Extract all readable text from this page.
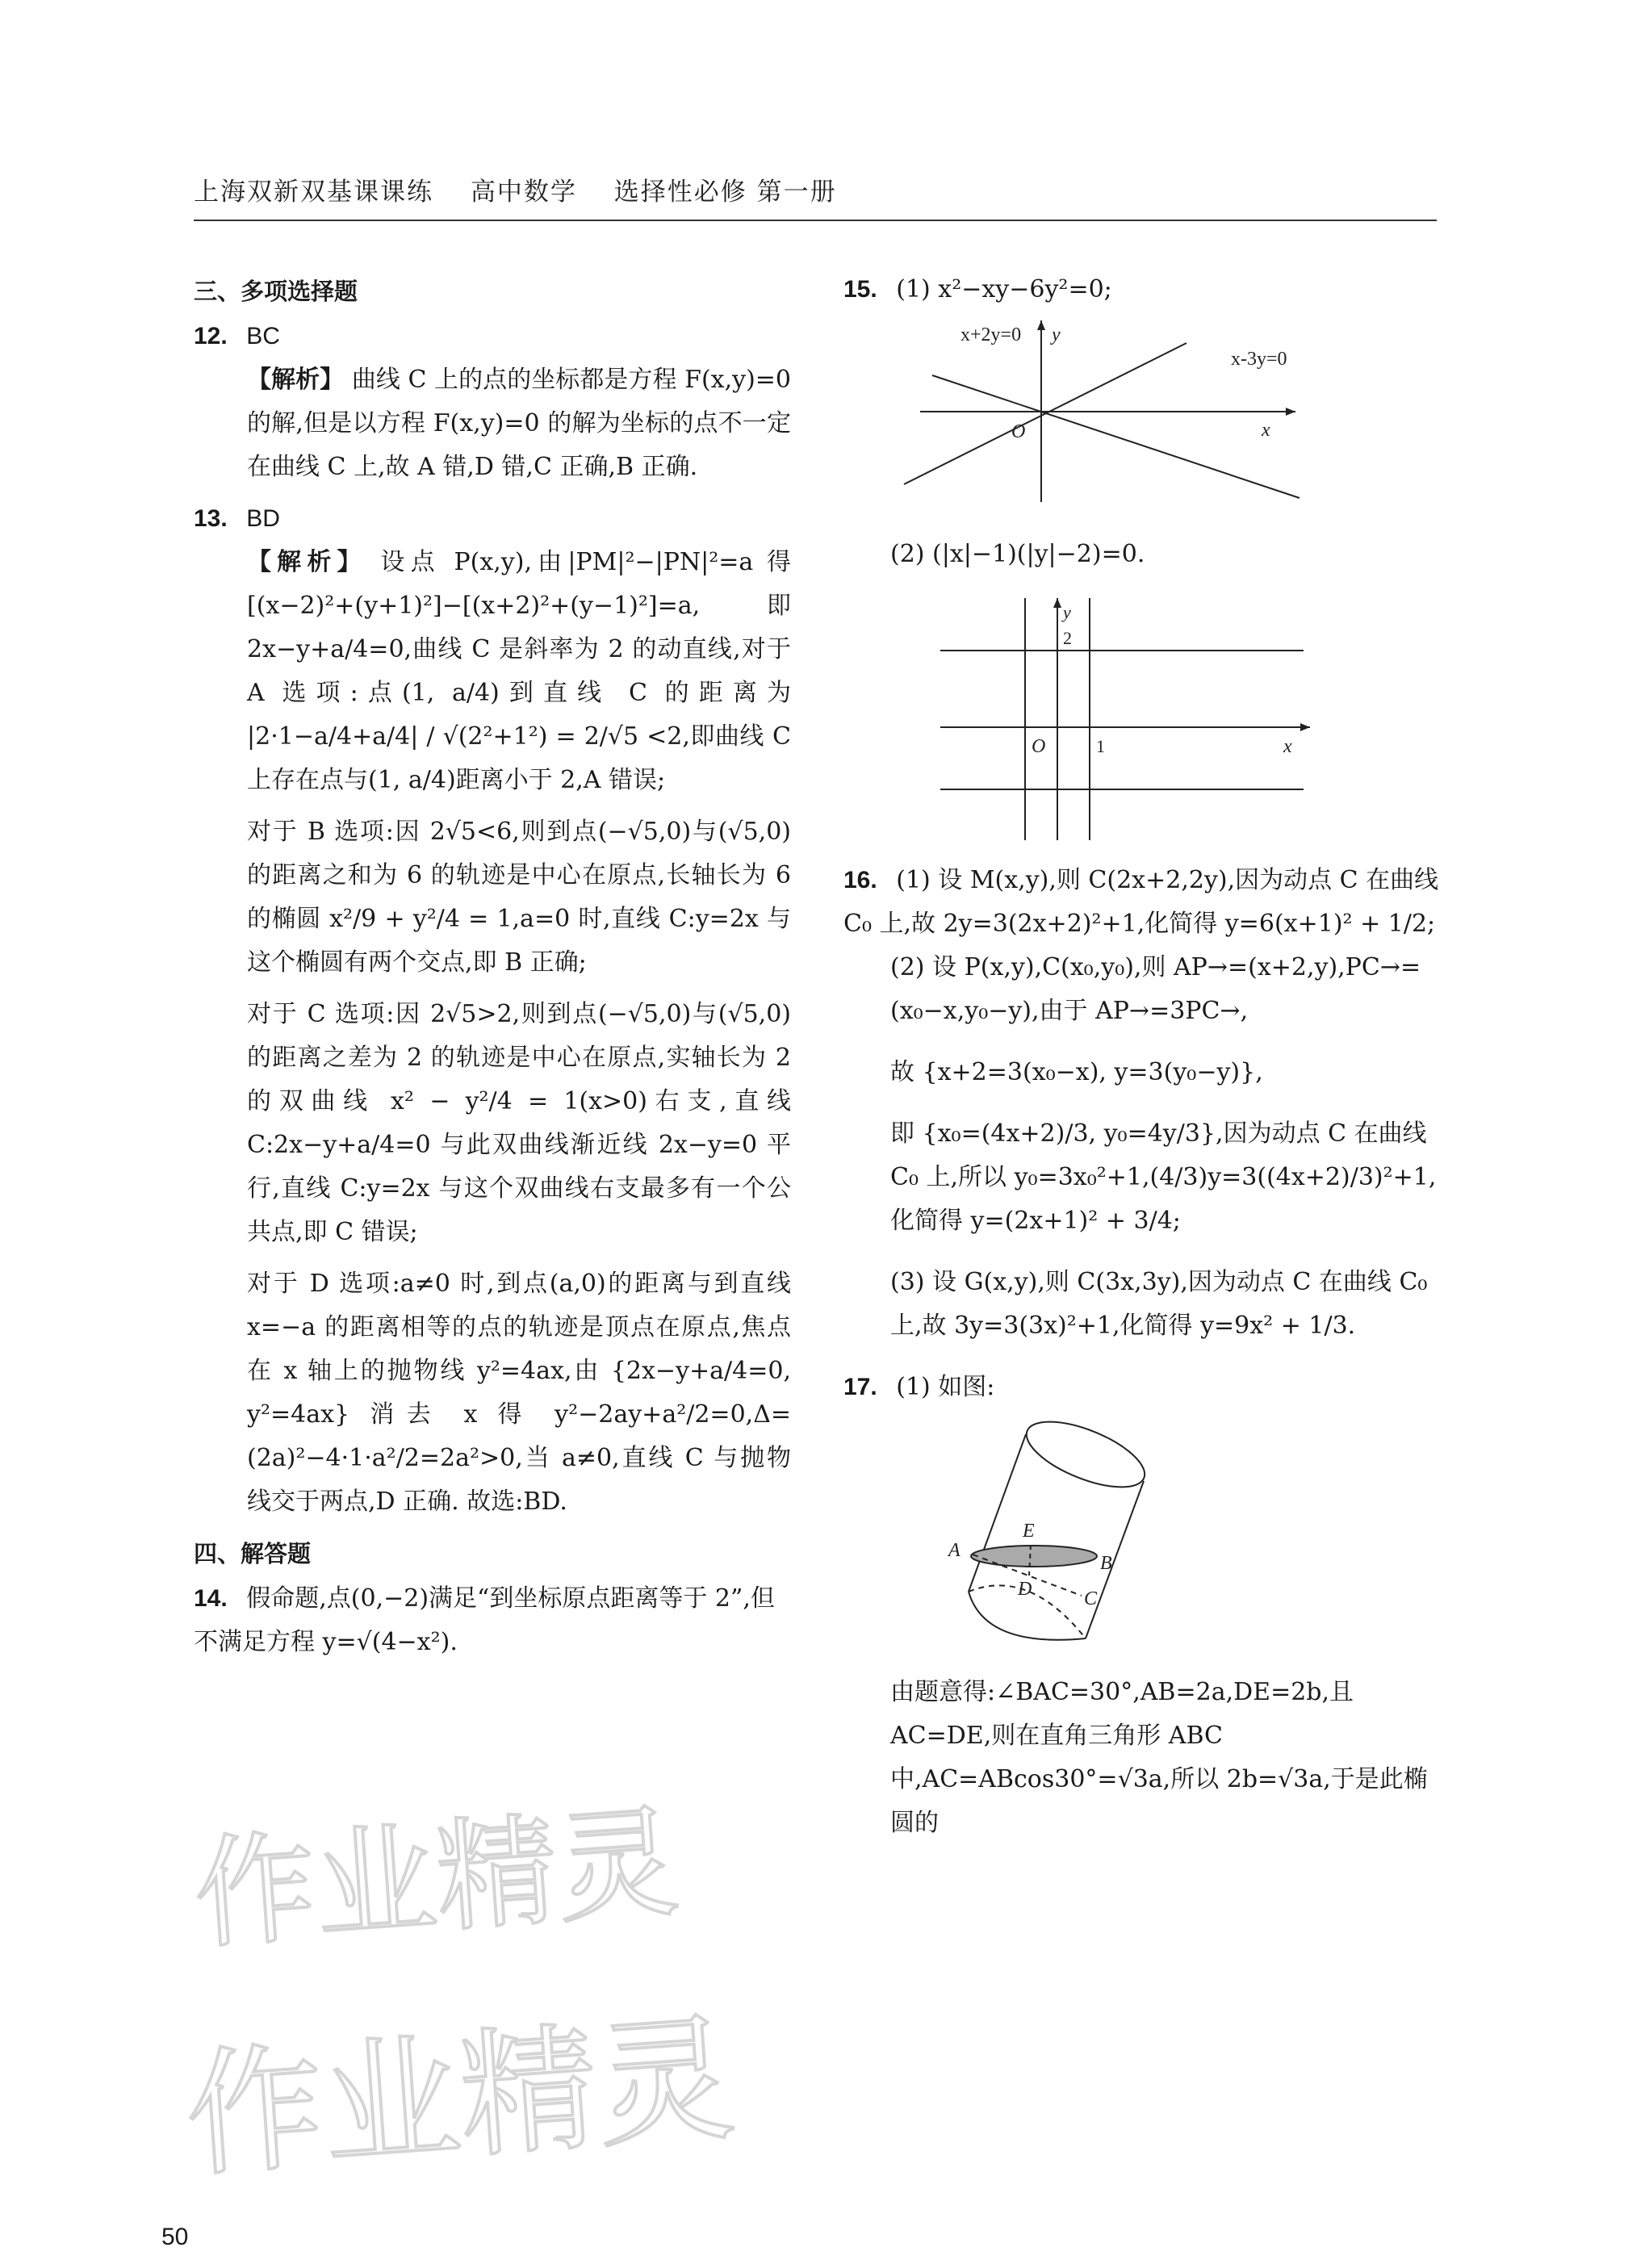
上海双新双基课课练 高中数学 选择性必修 第一册
三、多项选择题
12. BC

【解析】 曲线 C 上的点的坐标都是方程 F(x,y)=0 的解,但是以方程 F(x,y)=0 的解为坐标的点不一定在曲线 C 上,故 A 错,D 错,C 正确,B 正确.

13. BD

【解析】 设点 P(x,y),由|PM|²−|PN|²=a 得[(x−2)²+(y+1)²]−[(x+2)²+(y−1)²]=a,即 2x−y+a/4=0,曲线 C 是斜率为 2 的动直线,对于 A 选项:点(1, a/4)到直线 C 的距离为 |2·1−a/4+a/4| / √(2²+1²) = 2/√5 <2,即曲线 C 上存在点与(1, a/4)距离小于 2,A 错误;

对于 B 选项:因 2√5<6,则到点(−√5,0)与(√5,0)的距离之和为 6 的轨迹是中心在原点,长轴长为 6 的椭圆 x²/9 + y²/4 = 1,a=0 时,直线 C:y=2x 与这个椭圆有两个交点,即 B 正确;

对于 C 选项:因 2√5>2,则到点(−√5,0)与(√5,0)的距离之差为 2 的轨迹是中心在原点,实轴长为 2 的双曲线 x² − y²/4 = 1(x>0)右支,直线 C:2x−y+a/4=0 与此双曲线渐近线 2x−y=0 平行,直线 C:y=2x 与这个双曲线右支最多有一个公共点,即 C 错误;

对于 D 选项:a≠0 时,到点(a,0)的距离与到直线 x=−a 的距离相等的点的轨迹是顶点在原点,焦点在 x 轴上的抛物线 y²=4ax,由 {2x−y+a/4=0, y²=4ax} 消去 x 得 y²−2ay+a²/2=0,Δ=(2a)²−4·1·a²/2=2a²>0,当 a≠0,直线 C 与抛物线交于两点,D 正确. 故选:BD.

四、解答题
14. 假命题,点(0,−2)满足“到坐标原点距离等于 2”,但不满足方程 y=√(4−x²).
15. (1) x²−xy−6y²=0;
x+2y=0
x-3y=0
x
y
O

(2) (|x|−1)(|y|−2)=0.

y
2
O	1	x
16. (1) 设 M(x,y),则 C(2x+2,2y),因为动点 C 在曲线 C₀ 上,故 2y=3(2x+2)²+1,化简得 y=6(x+1)² + 1/2;

(2) 设 P(x,y),C(x₀,y₀),则 AP→=(x+2,y),PC→=(x₀−x,y₀−y),由于 AP→=3PC→,

故 {x+2=3(x₀−x), y=3(y₀−y)},

即 {x₀=(4x+2)/3, y₀=4y/3},因为动点 C 在曲线 C₀ 上,所以 y₀=3x₀²+1,(4/3)y=3((4x+2)/3)²+1,化简得 y=(2x+1)² + 3/4;

(3) 设 G(x,y),则 C(3x,3y),因为动点 C 在曲线 C₀ 上,故 3y=3(3x)²+1,化简得 y=9x² + 1/3.

17. (1) 如图:
A
E
B
D	C

由题意得:∠BAC=30°,AB=2a,DE=2b,且 AC=DE,则在直角三角形 ABC 中,AC=ABcos30°=√3a,所以 2b=√3a,于是此椭圆的

50
作业精灵
作业精灵
